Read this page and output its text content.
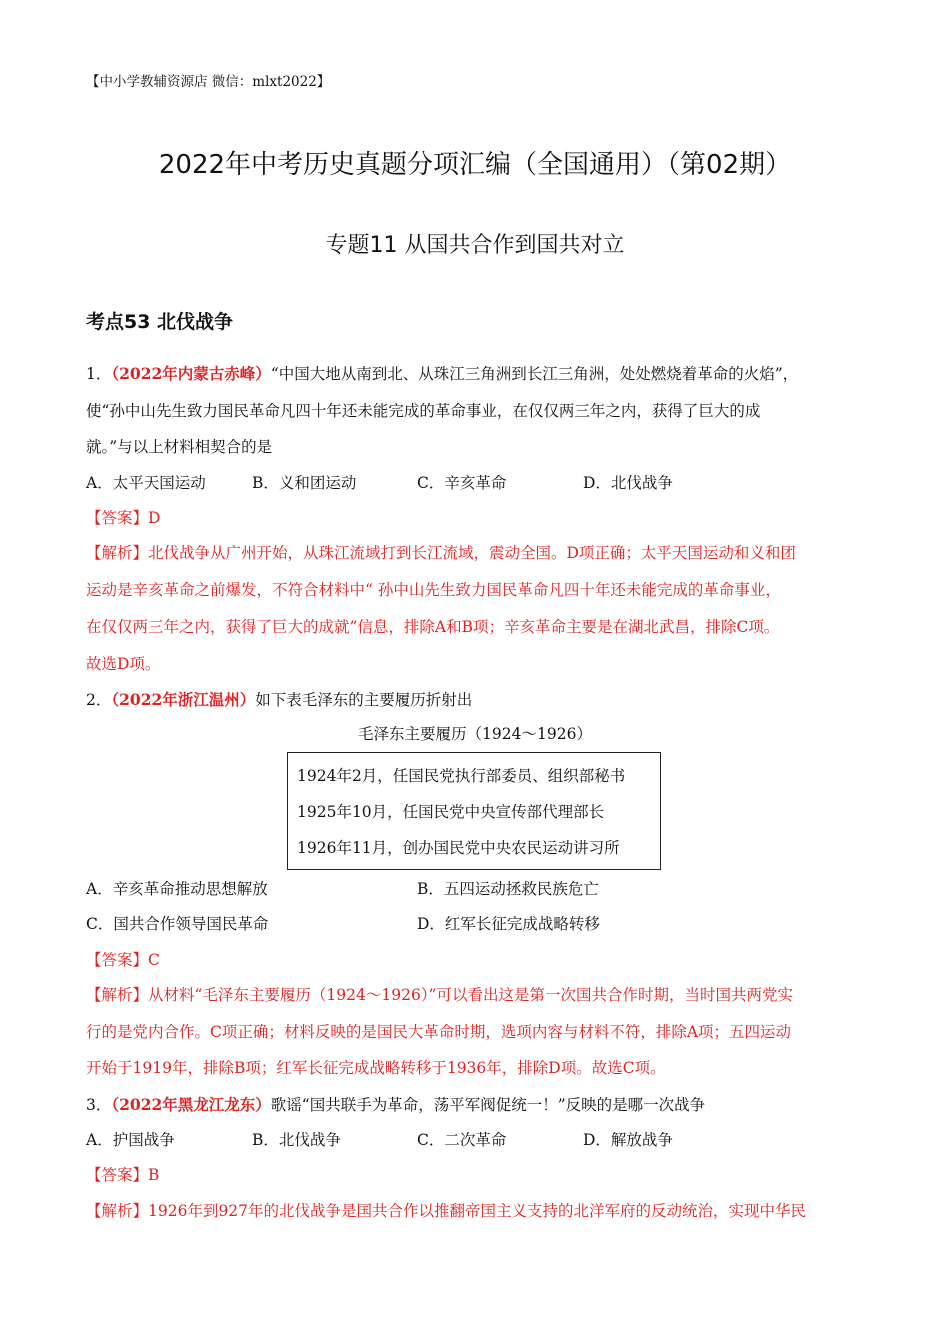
【中小学教辅资源店 微信：mlxt2022】
2022年中考历史真题分项汇编（全国通用）（第02期）
专题11 从国共合作到国共对立
考点53 北伐战争
1．（2022年内蒙古赤峰）“中国大地从南到北、从珠江三角洲到长江三角洲，处处燃烧着革命的火焰”，
使“孙中山先生致力国民革命凡四十年还未能完成的革命事业，在仅仅两三年之内，获得了巨大的成
就。”与以上材料相契合的是
A．太平天国运动	B．义和团运动	C．辛亥革命	D．北伐战争
【答案】D
【解析】北伐战争从广州开始，从珠江流域打到长江流域，震动全国。D项正确；太平天国运动和义和团
运动是辛亥革命之前爆发，不符合材料中“ 孙中山先生致力国民革命凡四十年还未能完成的革命事业，
在仅仅两三年之内，获得了巨大的成就”信息，排除A和B项；辛亥革命主要是在湖北武昌，排除C项。
故选D项。
2．（2022年浙江温州）如下表毛泽东的主要履历折射出
毛泽东主要履历（1924～1926）
1924年2月，任国民党执行部委员、组织部秘书
1925年10月，任国民党中央宣传部代理部长
1926年11月，创办国民党中央农民运动讲习所
A．辛亥革命推动思想解放	B．五四运动拯救民族危亡
C．国共合作领导国民革命	D．红军长征完成战略转移
【答案】C
【解析】从材料“毛泽东主要履历（1924～1926）”可以看出这是第一次国共合作时期，当时国共两党实
行的是党内合作。C项正确；材料反映的是国民大革命时期，选项内容与材料不符，排除A项；五四运动
开始于1919年，排除B项；红军长征完成战略转移于1936年，排除D项。故选C项。
3．（2022年黑龙江龙东）歌谣“国共联手为革命，荡平军阀促统一！”反映的是哪一次战争
A．护国战争	B．北伐战争	C．二次革命	D．解放战争
【答案】B
【解析】1926年到927年的北伐战争是国共合作以推翻帝国主义支持的北洋军府的反动统治，实现中华民
